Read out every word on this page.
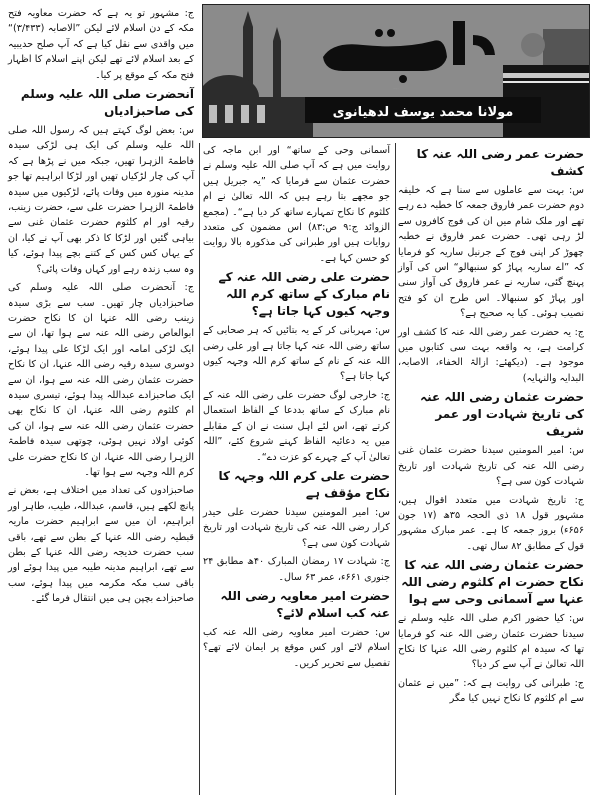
مولانا محمد یوسف لدھیانوی
آپ کے مسائل
حضرت عمر رضی اللہ عنہ کا کشف

س: بہت سے عاملوں سے سنا ہے کہ خلیفہ دوم حضرت عمر فاروق جمعہ کا خطبہ دے رہے تھے اور ملک شام میں ان کی فوج کافروں سے لڑ رہی تھی۔ حضرت عمر فاروق نے خطبہ چھوڑ کر اپنی فوج کے جرنیل ساریہ کو فرمایا کہ ”اے ساریہ پہاڑ کو سنبھالو“ اس کی آواز پہنچ گئی، ساریہ نے عمر فاروق کی آواز سنی اور پہاڑ کو سنبھالا۔ اس طرح ان کو فتح نصیب ہوئی۔ کیا یہ صحیح ہے؟

ج: یہ حضرت عمر رضی اللہ عنہ کا کشف اور کرامت ہے، یہ واقعہ بہت سی کتابوں میں موجود ہے۔ (دیکھئے: ازالۃ الخفاء، الاصابہ، البدایہ والنہایہ)

حضرت عثمان رضی اللہ عنہ کی تاریخ شہادت اور عمر شریف

س: امیر المومنین سیدنا حضرت عثمان غنی رضی اللہ عنہ کی تاریخ شہادت اور تاریخ شہادت کون سی ہے؟

ج: تاریخ شہادت میں متعدد اقوال ہیں، مشہور قول ۱۸ ذی الحجہ ۳۵ھ (۱۷ جون ۶۵۶ء) بروز جمعہ کا ہے۔ عمر مبارک مشہور قول کے مطابق ۸۲ سال تھی۔

حضرت عثمان رضی اللہ عنہ کا نکاح حضرت ام کلثوم رضی اللہ عنہا سے آسمانی وحی سے ہوا

س: کیا حضور اکرم صلی اللہ علیہ وسلم نے سیدنا حضرت عثمان رضی اللہ عنہ کو فرمایا تھا کہ سیدہ ام کلثوم رضی اللہ عنہا کا نکاح اللہ تعالیٰ نے آپ سے کر دیا؟

ج: طبرانی کی روایت ہے کہ: ”میں نے عثمان سے ام کلثوم کا نکاح نہیں کیا مگر

آسمانی وحی کے ساتھ“ اور ابن ماجہ کی روایت میں ہے کہ آپ صلی اللہ علیہ وسلم نے حضرت عثمان سے فرمایا کہ ”یہ جبریل ہیں جو مجھے بتا رہے ہیں کہ اللہ تعالیٰ نے ام کلثوم کا نکاح تمہارے ساتھ کر دیا ہے“۔ (مجمع الزوائد ج:۹ ص:۸۳) اس مضمون کی متعدد روایات ہیں اور طبرانی کی مذکورہ بالا روایت کو حسن کہا ہے۔

حضرت علی رضی اللہ عنہ کے نام مبارک کے ساتھ کرم اللہ وجہہ کیوں کہا جاتا ہے؟

س: مہربانی کر کے یہ بتائیں کہ ہر صحابی کے ساتھ رضی اللہ عنہ کہا جاتا ہے اور علی رضی اللہ عنہ کے نام کے ساتھ کرم اللہ وجہہ کیوں کہا جاتا ہے؟

ج: خارجی لوگ حضرت علی رضی اللہ عنہ کے نام مبارک کے ساتھ بددعا کے الفاظ استعمال کرتے تھے، اس لئے اہل سنت نے ان کے مقابلے میں یہ دعائیہ الفاظ کہنے شروع کئے، ”اللہ تعالیٰ آپ کے چہرے کو عزت دے“۔

حضرت علی کرم اللہ وجہہ کا نکاح مؤقف ہے

س: امیر المومنین سیدنا حضرت علی حیدر کرار رضی اللہ عنہ کی تاریخ شہادت اور تاریخ شہادت کون سی ہے؟

ج: شہادت ۱۷ رمضان المبارک ۴۰ھ مطابق ۲۴ جنوری ۶۶۱ء، عمر ۶۳ سال۔

حضرت امیر معاویہ رضی اللہ عنہ کب اسلام لائے؟

س: حضرت امیر معاویہ رضی اللہ عنہ کب اسلام لائے اور کس موقع پر ایمان لائے تھے؟ تفصیل سے تحریر کریں۔

ج: مشہور تو یہ ہے کہ حضرت معاویہ فتح مکہ کے دن اسلام لائے لیکن ”الاصابہ (۳/۴۳۳)“ میں واقدی سے نقل کیا ہے کہ آپ صلح حدیبیہ کے بعد اسلام لائے تھے لیکن اپنے اسلام کا اظہار فتح مکہ کے موقع پر کیا۔

آنحضرت صلی اللہ علیہ وسلم کی صاحبزادیاں

س: بعض لوگ کہتے ہیں کہ رسول اللہ صلی اللہ علیہ وسلم کی ایک ہی لڑکی سیدہ فاطمۃ الزہرا تھیں، جبکہ میں نے پڑھا ہے کہ آپ کی چار لڑکیاں تھیں اور لڑکا ابراہیم تھا جو مدینہ منورہ میں وفات پائے، لڑکیوں میں سیدہ فاطمۃ الزہرا حضرت علی سے، حضرت زینب، رقیہ اور ام کلثوم حضرت عثمان غنی سے بیاہی گئیں اور لڑکا کا ذکر بھی آپ نے کیا، ان کے یہاں کس کس کے کتنے بچے پیدا ہوئے، کیا وہ سب زندہ رہے اور کہاں وفات پائی؟

ج: آنحضرت صلی اللہ علیہ وسلم کی صاحبزادیاں چار تھیں۔ سب سے بڑی سیدہ زینب رضی اللہ عنہا ان کا نکاح حضرت ابوالعاص رضی اللہ عنہ سے ہوا تھا، ان سے ایک لڑکی امامہ اور ایک لڑکا علی پیدا ہوئے، دوسری سیدہ رقیہ رضی اللہ عنہا، ان کا نکاح حضرت عثمان رضی اللہ عنہ سے ہوا، ان سے ایک صاحبزادے عبداللہ پیدا ہوئے، تیسری سیدہ ام کلثوم رضی اللہ عنہا، ان کا نکاح بھی حضرت عثمان رضی اللہ عنہ سے ہوا، ان کی کوئی اولاد نہیں ہوئی، چوتھی سیدہ فاطمۃ الزہرا رضی اللہ عنہا، ان کا نکاح حضرت علی کرم اللہ وجہہ سے ہوا تھا۔

صاحبزادوں کی تعداد میں اختلاف ہے، بعض نے پانچ لکھے ہیں، قاسم، عبداللہ، طیب، طاہر اور ابراہیم، ان میں سے ابراہیم حضرت ماریہ قبطیہ رضی اللہ عنہا کے بطن سے تھے، باقی سب حضرت خدیجہ رضی اللہ عنہا کے بطن سے تھے، ابراہیم مدینہ طیبہ میں پیدا ہوئے اور باقی سب مکہ مکرمہ میں پیدا ہوئے، سب صاحبزادے بچپن ہی میں انتقال فرما گئے۔
